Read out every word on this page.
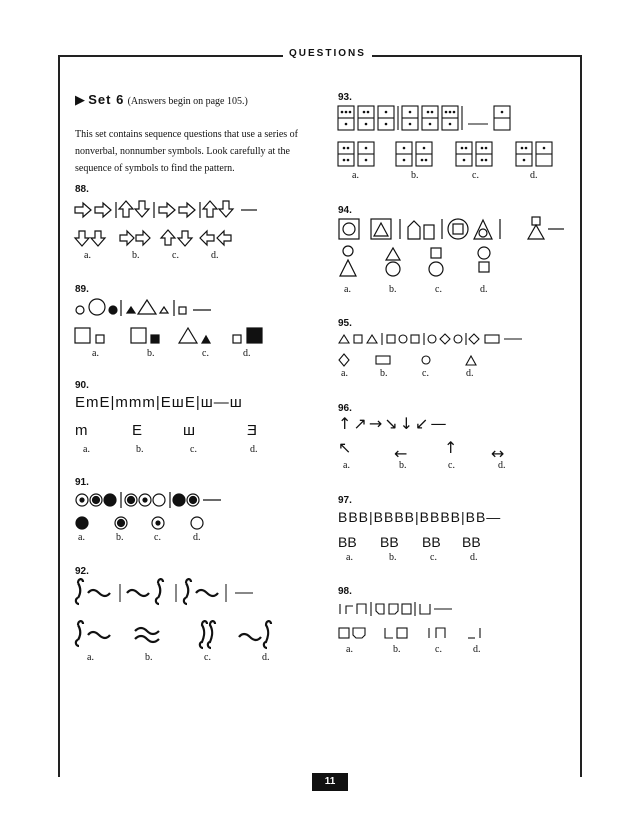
QUESTIONS
11
▶ Set 6 (Answers begin on page 105.)
This set contains sequence questions that use a series of nonverbal, nonnumber symbols. Look carefully at the sequence of symbols to find the pattern.
88.
a.	b.	c.	d.
89.
a.	b.	c.	d.
90.
EmE|mmm|EшE|ш—ш
m	E	ш	Ǝ
a.	b.	c.	d.
91.
a.	b.	c.	d.
92.
a.	b.	c.	d.
93.
a.	b.	c.	d.
94.
a.	b.	c.	d.
95.
a.	b.	c.	d.
96.
↑↗→↘↓↙—
↖	← ↑ ↔
a.	b.	c.	d.
97.
BBB|BBBB|BBBB|BB—
BB BB BB BB
a.	b.	c.	d.
98.
a.	b.	c.	d.
